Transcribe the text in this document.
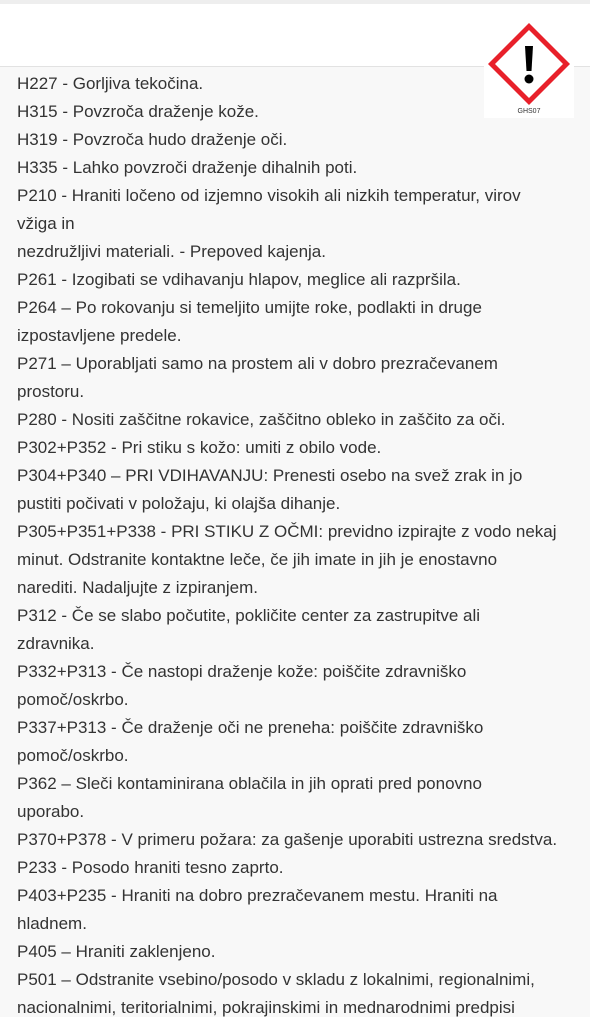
H227 - Gorljiva tekočina.
H315 - Povzroča draženje kože.
H319 - Povzroča hudo draženje oči.
H335 - Lahko povzroči draženje dihalnih poti.
P210 - Hraniti ločeno od izjemno visokih ali nizkih temperatur, virov
vžiga in
nezdružljivi materiali. - Prepoved kajenja.
P261 - Izogibati se vdihavanju hlapov, meglice ali razpršila.
P264 – Po rokovanju si temeljito umijte roke, podlakti in druge
izpostavljene predele.
P271 – Uporabljati samo na prostem ali v dobro prezračevanem
prostoru.
P280 - Nositi zaščitne rokavice, zaščitno obleko in zaščito za oči.
P302+P352 - Pri stiku s kožo: umiti z obilo vode.
P304+P340 – PRI VDIHAVANJU: Prenesti osebo na svež zrak in jo
pustiti počivati v položaju, ki olajša dihanje.
P305+P351+P338 - PRI STIKU Z OČMI: previdno izpirajte z vodo nekaj
minut. Odstranite kontaktne leče, če jih imate in jih je enostavno
narediti. Nadaljujte z izpiranjem.
P312 - Če se slabo počutite, pokličite center za zastrupitve ali
zdravnika.
P332+P313 - Če nastopi draženje kože: poiščite zdravniško
pomoč/oskrbo.
P337+P313 - Če draženje oči ne preneha: poiščite zdravniško
pomoč/oskrbo.
P362 – Sleči kontaminirana oblačila in jih oprati pred ponovno
uporabo.
P370+P378 - V primeru požara: za gašenje uporabiti ustrezna sredstva.
P233 - Posodo hraniti tesno zaprto.
P403+P235 - Hraniti na dobro prezračevanem mestu. Hraniti na
hladnem.
P405 – Hraniti zaklenjeno.
P501 – Odstranite vsebino/posodo v skladu z lokalnimi, regionalnimi,
nacionalnimi, teritorialnimi, pokrajinskimi in mednarodnimi predpisi
GHS07
